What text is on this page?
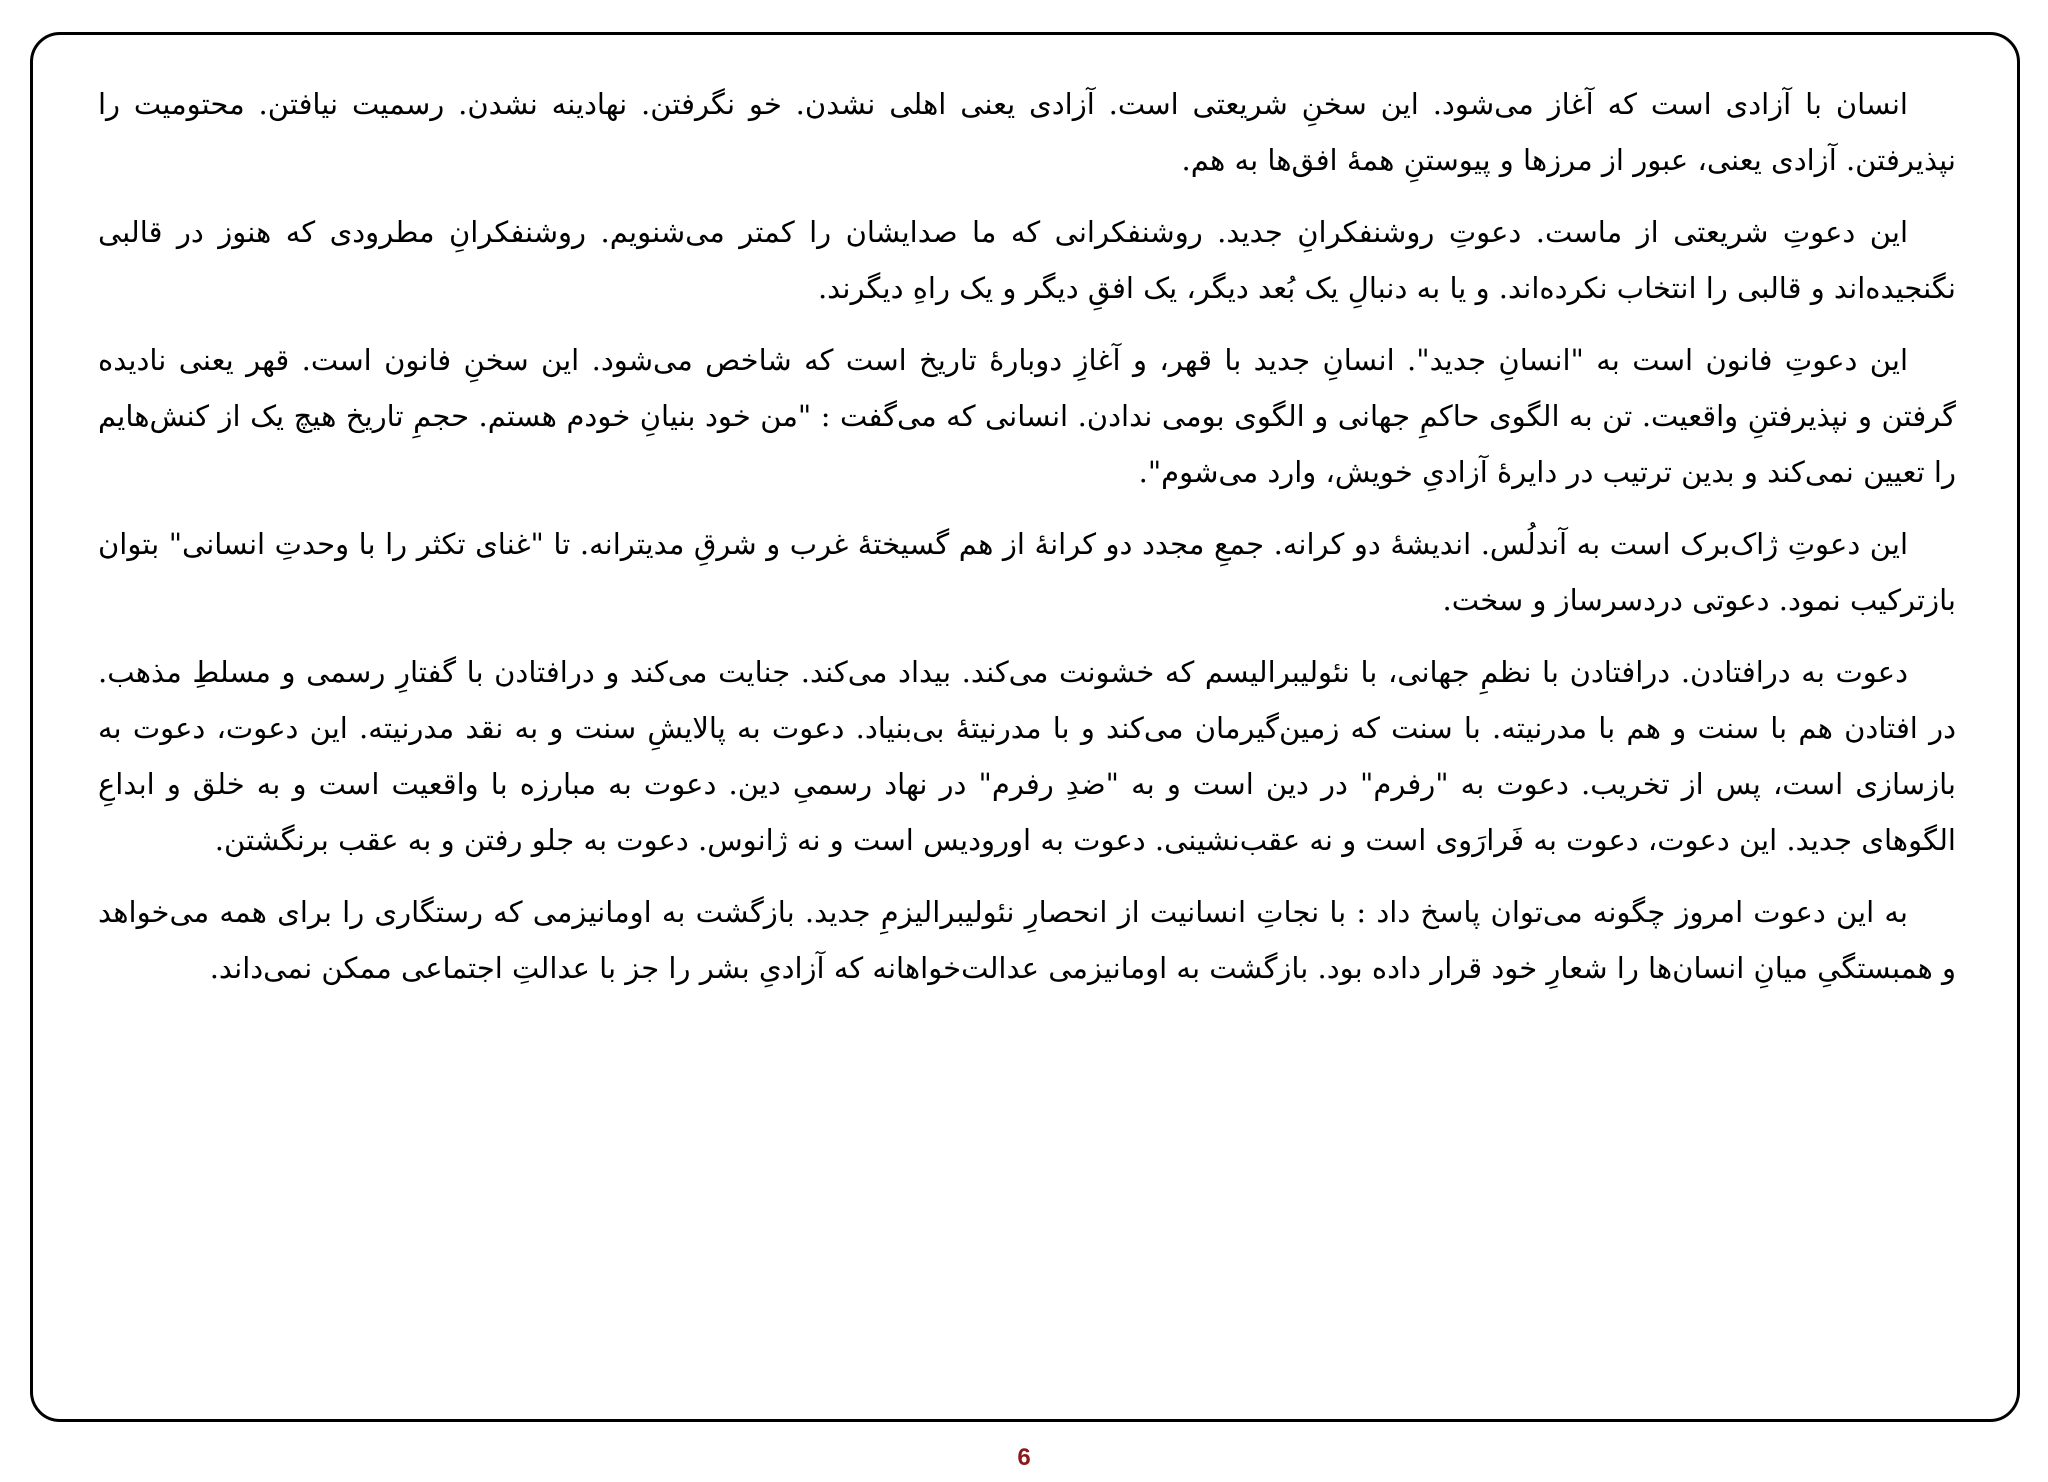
انسان با آزادی است که آغاز می‌شود. این سخنِ شریعتی است. آزادی یعنی اهلی نشدن. خو نگرفتن. نهادینه نشدن. رسمیت نیافتن. محتومیت را نپذیرفتن. آزادی یعنی، عبور از مرزها و پیوستنِ همهٔ افق‌ها به هم.

این دعوتِ شریعتی از ماست. دعوتِ روشنفکرانِ جدید. روشنفکرانی که ما صدایشان را کمتر می‌شنویم. روشنفکرانِ مطرودی که هنوز در قالبی نگنجیده‌اند و قالبی را انتخاب نکرده‌اند. و یا به دنبالِ یک بُعد دیگر، یک افقِ دیگر و یک راهِ دیگرند.

این دعوتِ فانون است به "انسانِ جدید". انسانِ جدید با قهر، و آغازِ دوبارهٔ تاریخ است که شاخص می‌شود. این سخنِ فانون است. قهر یعنی نادیده گرفتن و نپذیرفتنِ واقعیت. تن به الگوی حاکمِ جهانی و الگوی بومی ندادن. انسانی که می‌گفت : "من خود بنیانِ خودم هستم. حجمِ تاریخ هیچ یک از کنش‌هایم را تعیین نمی‌کند و بدین ترتیب در دایرهٔ آزادیِ خویش، وارد می‌شوم".

این دعوتِ ژاک‌برک است به آندلُس. اندیشهٔ دو کرانه. جمعِ مجدد دو کرانهٔ از هم گسیختهٔ غرب و شرقِ مدیترانه. تا "غنای تکثر را با وحدتِ انسانی" بتوان بازترکیب نمود. دعوتی دردسرساز و سخت.

دعوت به درافتادن. درافتادن با نظمِ جهانی، با نئولیبرالیسم که خشونت می‌کند. بیداد می‌کند. جنایت می‌کند و درافتادن با گفتارِ رسمی و مسلطِ مذهب. در افتادن هم با سنت و هم با مدرنیته. با سنت که زمین‌گیرمان می‌کند و با مدرنیتهٔ بی‌بنیاد. دعوت به پالایشِ سنت و به نقد مدرنیته. این دعوت، دعوت به بازسازی است، پس از تخریب. دعوت به "رفرم" در دین است و به "ضدِ رفرم" در نهاد رسمیِ دین. دعوت به مبارزه با واقعیت است و به خلق و ابداعِ الگوهای جدید. این دعوت، دعوت به فَرارَوی است و نه عقب‌نشینی. دعوت به اورودیس است و نه ژانوس. دعوت به جلو رفتن و به عقب برنگشتن.

به این دعوت امروز چگونه می‌توان پاسخ داد : با نجاتِ انسانیت از انحصارِ نئولیبرالیزمِ جدید. بازگشت به اومانیزمی که رستگاری را برای همه می‌خواهد و همبستگیِ میانِ انسان‌ها را شعارِ خود قرار داده بود. بازگشت به اومانیزمی عدالت‌خواهانه که آزادیِ بشر را جز با عدالتِ اجتماعی ممکن نمی‌داند.

6
